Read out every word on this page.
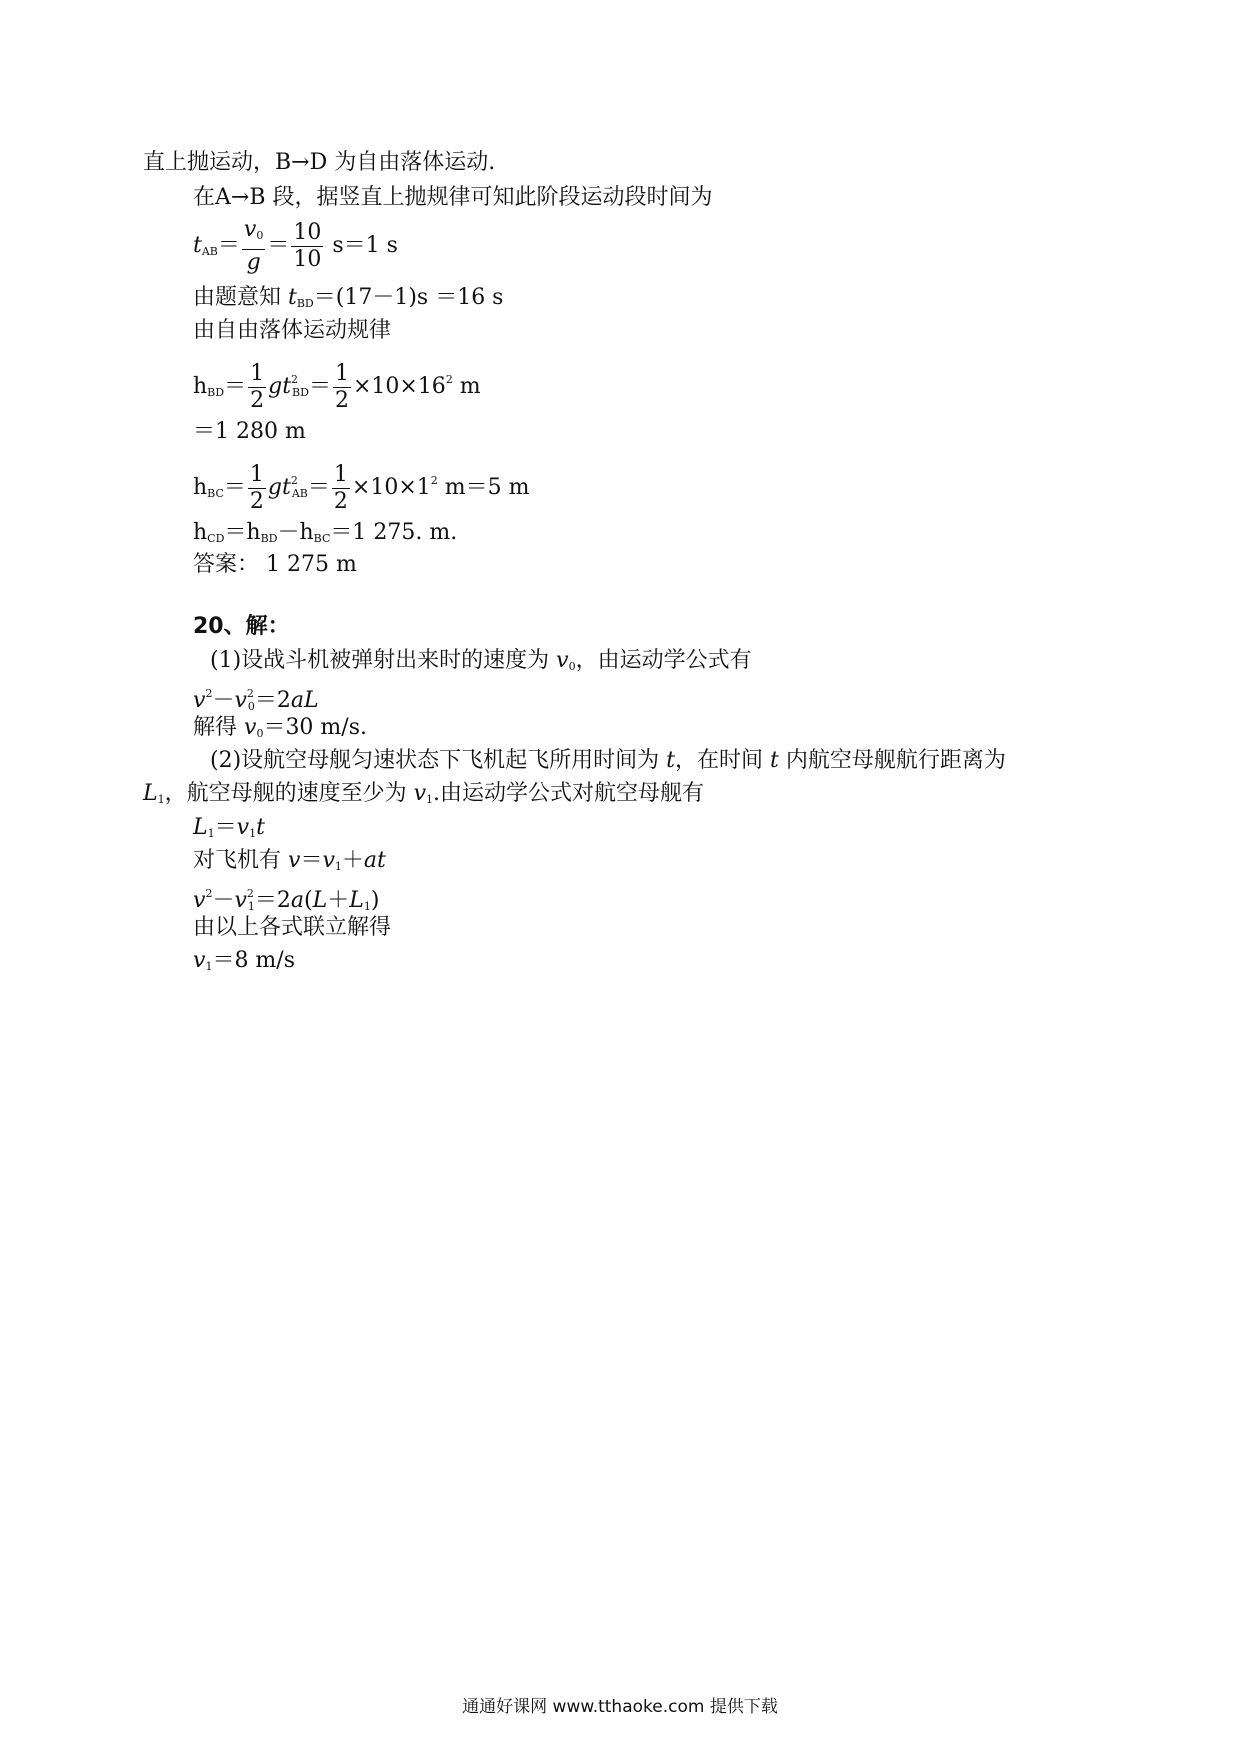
直上抛运动，B→D 为自由落体运动.
在A→B 段，据竖直上抛规律可知此阶段运动段时间为
$t_{AB}= \frac{v_0}{g} = \frac{10}{10} s=1$ s
由题意知 $t_{BD}=(17-1)s =16$ s
由自由落体运动规律
$h_{BD}= \frac{1}{2} gt^2_{BD}= \frac{1}{2} \times 10\times 16^2$ m
＝1 280 m
$h_{BC}= \frac{1}{2} gt^2_{AB}= \frac{1}{2} \times 10\times 1^2$ m＝5 m
$h_{CD}=h_{BD}-h_{BC}=1$ 275. m.
答案： 1 275 m
20、解：
(1)设战斗机被弹射出来时的速度为 $v_0$，由运动学公式有
$v^2-v^2_0=2aL$
解得 $v_0=30$ m/s.
(2)设航空母舰匀速状态下飞机起飞所用时间为 t，在时间 t 内航空母舰航行距离为
$L_1$，航空母舰的速度至少为 $v_1$.由运动学公式对航空母舰有
$L_1=v_1t$
对飞机有 $v=v_1+at$
$v^2-v^2_1=2a(L+L_1)$
由以上各式联立解得
$v_1=8$ m/s
通通好课网 www.tthaoke.com 提供下载
